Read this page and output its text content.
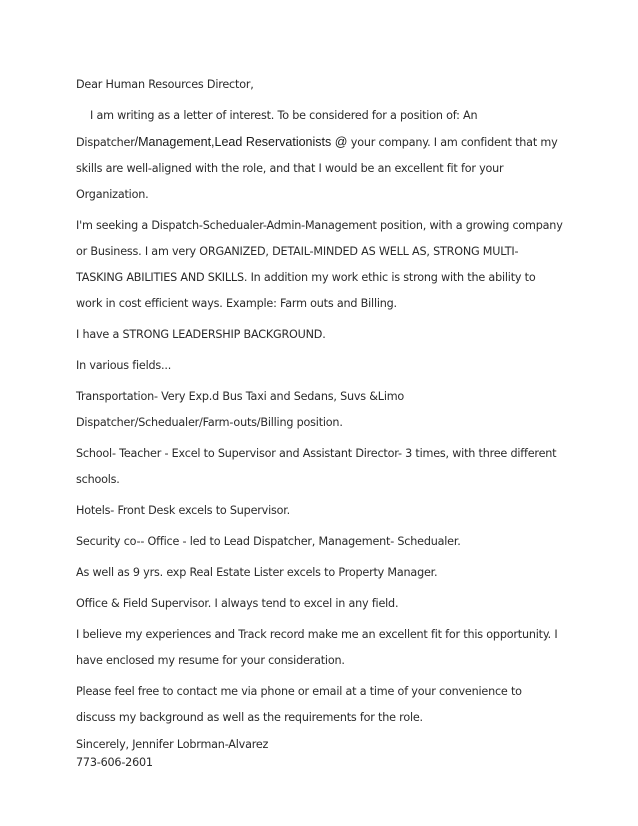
Dear Human Resources Director,

I am writing as a letter of interest. To be considered for a position of: An Dispatcher/Management,Lead Reservationists @ your company. I am confident that my skills are well-aligned with the role, and that I would be an excellent fit for your Organization.

I'm seeking a Dispatch-Schedualer-Admin-Management position, with a growing company or Business. I am very ORGANIZED, DETAIL-MINDED AS WELL AS, STRONG MULTI-TASKING ABILITIES AND SKILLS. In addition my work ethic is strong with the ability to work in cost efficient ways. Example: Farm outs and Billing.

I have a STRONG LEADERSHIP BACKGROUND.

In various fields...

Transportation- Very Exp.d Bus Taxi and Sedans, Suvs &Limo Dispatcher/Schedualer/Farm-outs/Billing position.

School- Teacher - Excel to Supervisor and Assistant Director- 3 times, with three different schools.

Hotels- Front Desk excels to Supervisor.

Security co-- Office - led to Lead Dispatcher, Management- Schedualer.

As well as 9 yrs. exp Real Estate Lister excels to Property Manager.

Office & Field Supervisor. I always tend to excel in any field.

I believe my experiences and Track record make me an excellent fit for this opportunity. I have enclosed my resume for your consideration.

Please feel free to contact me via phone or email at a time of your convenience to discuss my background as well as the requirements for the role.

Sincerely, Jennifer Lobrman-Alvarez

773-606-2601
